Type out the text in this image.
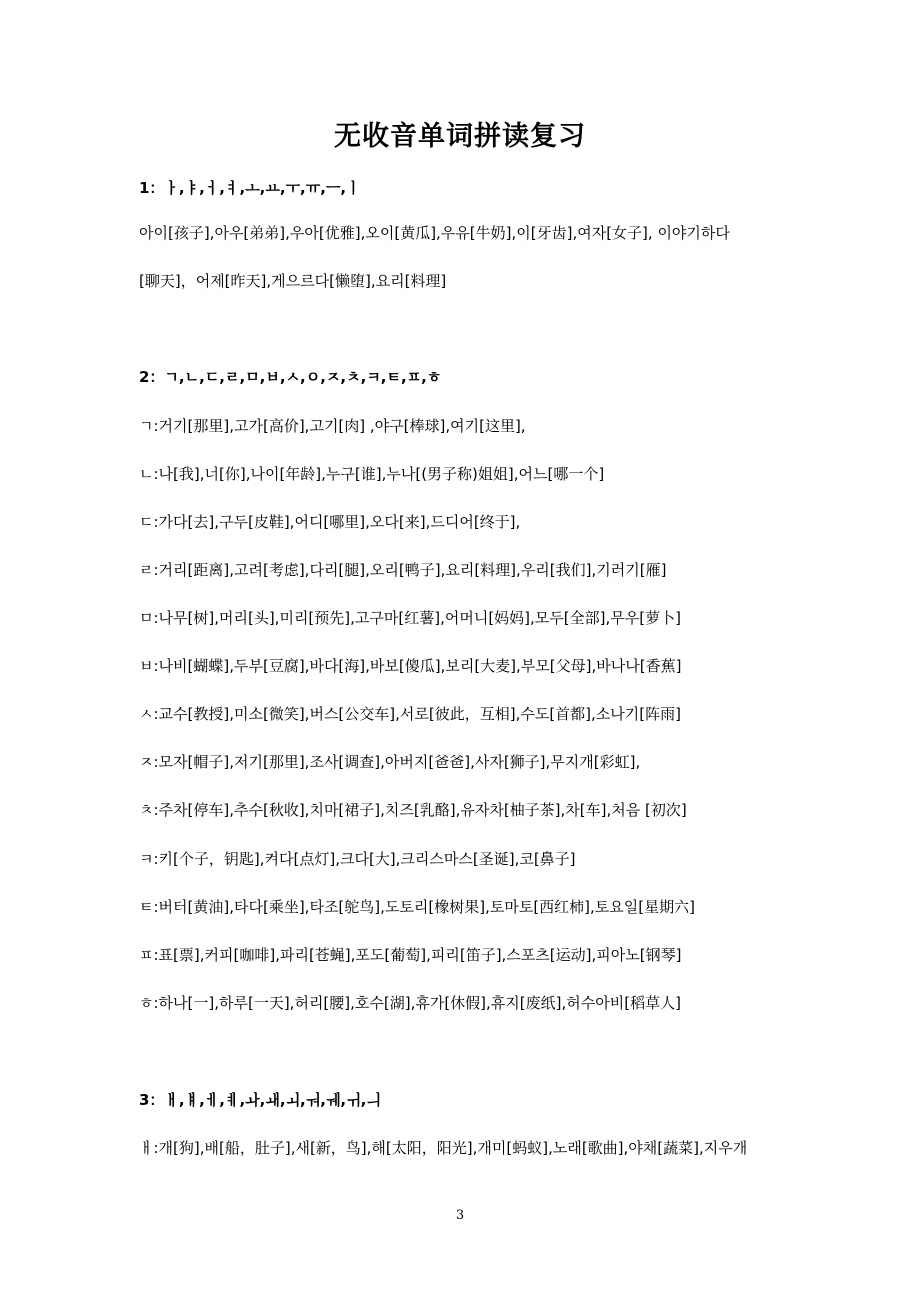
无收音单词拼读复习
1：ㅏ,ㅑ,ㅓ,ㅕ,ㅗ,ㅛ,ㅜ,ㅠ,ㅡ,ㅣ
아이[孩子],아우[弟弟],우아[优雅],오이[黄瓜],우유[牛奶],이[牙齿],여자[女子], 이야기하다
[聊天]，어제[昨天],게으르다[懒堕],요리[料理]
2：ㄱ,ㄴ,ㄷ,ㄹ,ㅁ,ㅂ,ㅅ,ㅇ,ㅈ,ㅊ,ㅋ,ㅌ,ㅍ,ㅎ
ㄱ:거기[那里],고가[高价],고기[肉] ,야구[棒球],여기[这里],
ㄴ:나[我],너[你],나이[年龄],누구[谁],누나[(男子称)姐姐],어느[哪一个]
ㄷ:가다[去],구두[皮鞋],어디[哪里],오다[来],드디어[终于],
ㄹ:거리[距离],고려[考虑],다리[腿],오리[鸭子],요리[料理],우리[我们],기러기[雁]
ㅁ:나무[树],머리[头],미리[预先],고구마[红薯],어머니[妈妈],모두[全部],무우[萝卜]
ㅂ:나비[蝴蝶],두부[豆腐],바다[海],바보[傻瓜],보리[大麦],부모[父母],바나나[香蕉]
ㅅ:교수[教授],미소[微笑],버스[公交车],서로[彼此，互相],수도[首都],소나기[阵雨]
ㅈ:모자[帽子],저기[那里],조사[调查],아버지[爸爸],사자[狮子],무지개[彩虹],
ㅊ:주차[停车],추수[秋收],치마[裙子],치즈[乳酪],유자차[柚子茶],차[车],처음 [初次]
ㅋ:키[个子，钥匙],켜다[点灯],크다[大],크리스마스[圣诞],코[鼻子]
ㅌ:버터[黄油],타다[乘坐],타조[鸵鸟],도토리[橡树果],토마토[西红柿],토요일[星期六]
ㅍ:표[票],커피[咖啡],파리[苍蝇],포도[葡萄],피리[笛子],스포츠[运动],피아노[钢琴]
ㅎ:하나[一],하루[一天],허리[腰],호수[湖],휴가[休假],휴지[废纸],허수아비[稻草人]
3：ㅐ,ㅒ,ㅔ,ㅖ,ㅘ,ㅙ,ㅚ,ㅝ,ㅞ,ㅟ,ㅢ
ㅐ:개[狗],배[船，肚子],새[新，鸟],해[太阳，阳光],개미[蚂蚁],노래[歌曲],야채[蔬菜],지우개
3
